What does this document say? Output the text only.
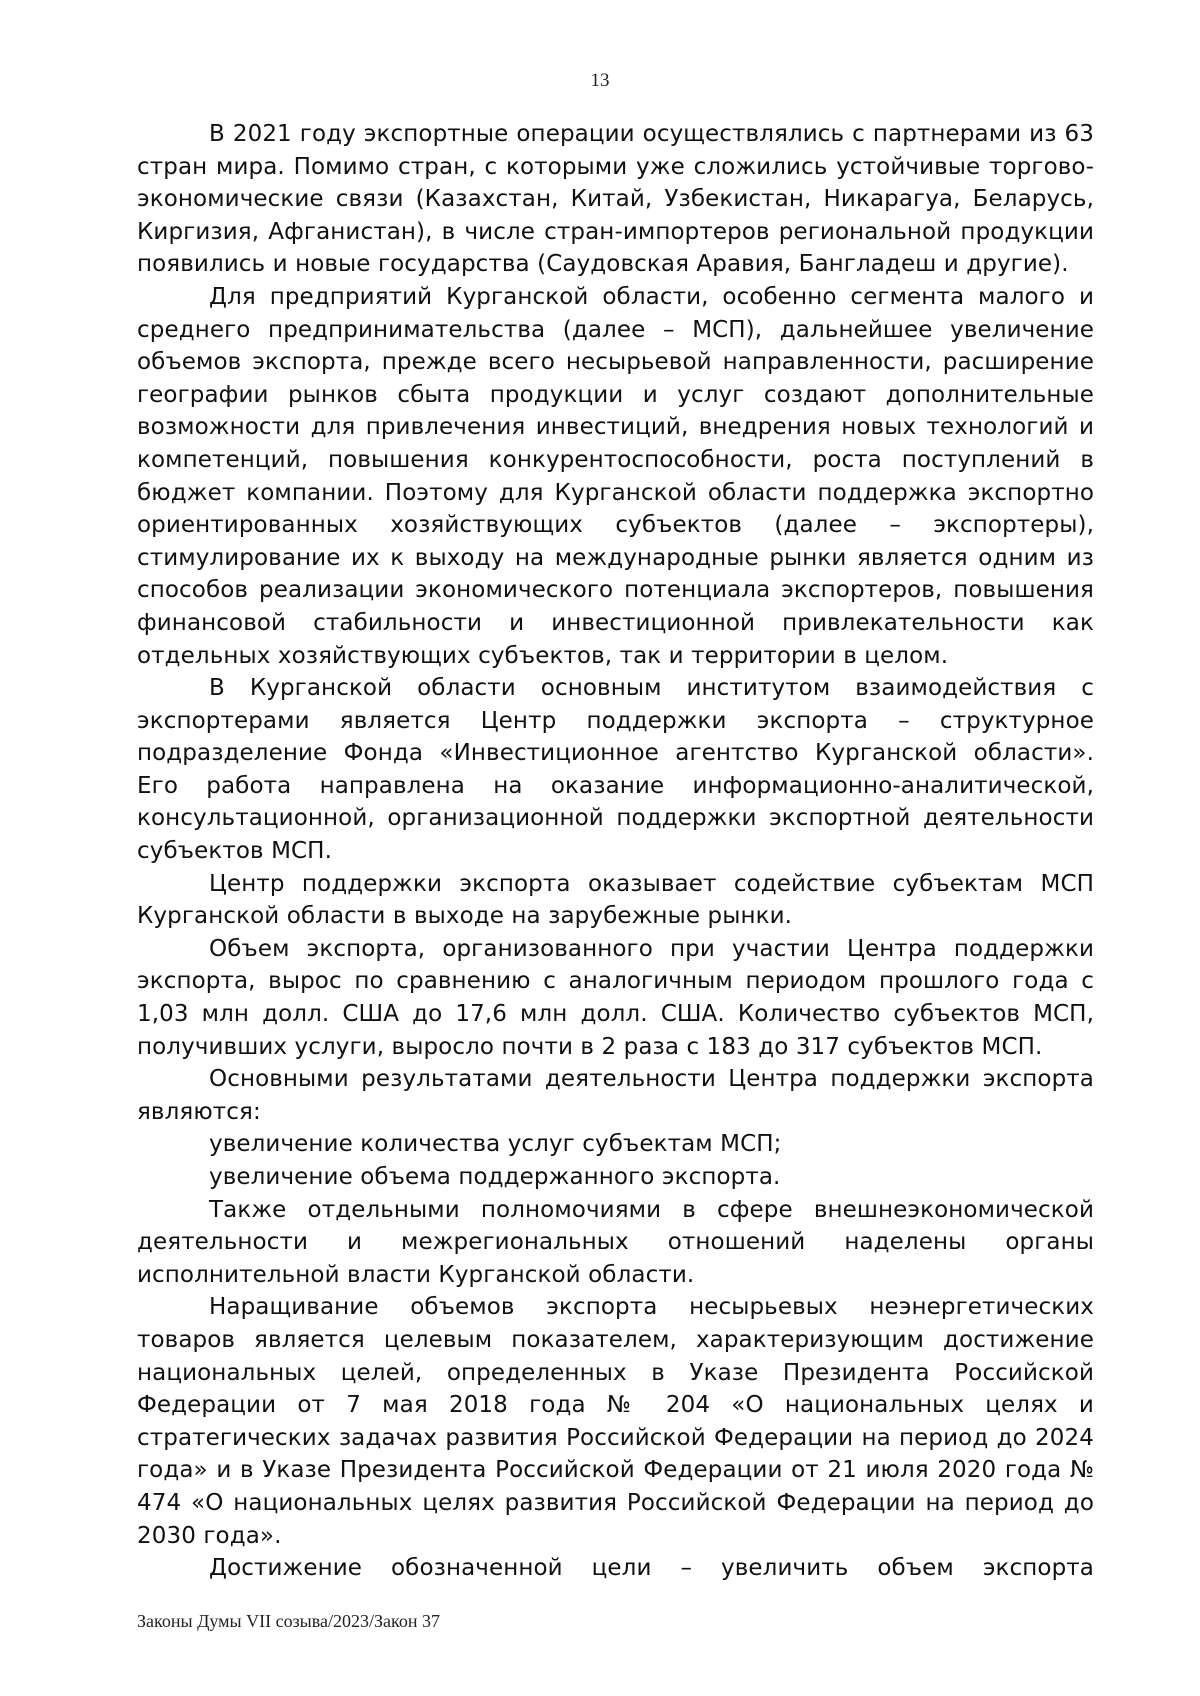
13

В 2021 году экспортные операции осуществлялись с партнерами из 63 стран мира. Помимо стран, с которыми уже сложились устойчивые торгово-экономические связи (Казахстан, Китай, Узбекистан, Никарагуа, Беларусь, Киргизия, Афганистан), в числе стран-импортеров региональной продукции появились и новые государства (Саудовская Аравия, Бангладеш и другие).

Для предприятий Курганской области, особенно сегмента малого и среднего предпринимательства (далее – МСП), дальнейшее увеличение объемов экспорта, прежде всего несырьевой направленности, расширение географии рынков сбыта продукции и услуг создают дополнительные возможности для привлечения инвестиций, внедрения новых технологий и компетенций, повышения конкурентоспособности, роста поступлений в бюджет компании. Поэтому для Курганской области поддержка экспортно ориентированных хозяйствующих субъектов (далее – экспортеры), стимулирование их к выходу на международные рынки является одним из способов реализации экономического потенциала экспортеров, повышения финансовой стабильности и инвестиционной привлекательности как отдельных хозяйствующих субъектов, так и территории в целом.

В Курганской области основным институтом взаимодействия с экспортерами является Центр поддержки экспорта – структурное подразделение Фонда «Инвестиционное агентство Курганской области». Его работа направлена на оказание информационно-аналитической, консультационной, организационной поддержки экспортной деятельности субъектов МСП.

Центр поддержки экспорта оказывает содействие субъектам МСП Курганской области в выходе на зарубежные рынки.

Объем экспорта, организованного при участии Центра поддержки экспорта, вырос по сравнению с аналогичным периодом прошлого года с 1,03 млн долл. США до 17,6 млн долл. США. Количество субъектов МСП, получивших услуги, выросло почти в 2 раза с 183 до 317 субъектов МСП.

Основными результатами деятельности Центра поддержки экспорта являются:

увеличение количества услуг субъектам МСП;

увеличение объема поддержанного экспорта.

Также отдельными полномочиями в сфере внешнеэкономической деятельности и межрегиональных отношений наделены органы исполнительной власти Курганской области.

Наращивание объемов экспорта несырьевых неэнергетических товаров является целевым показателем, характеризующим достижение национальных целей, определенных в Указе Президента Российской Федерации от 7 мая 2018 года № 204 «О национальных целях и стратегических задачах развития Российской Федерации на период до 2024 года» и в Указе Президента Российской Федерации от 21 июля 2020 года № 474 «О национальных целях развития Российской Федерации на период до 2030 года».

Достижение обозначенной цели – увеличить объем экспорта

Законы Думы VII созыва/2023/Закон 37
